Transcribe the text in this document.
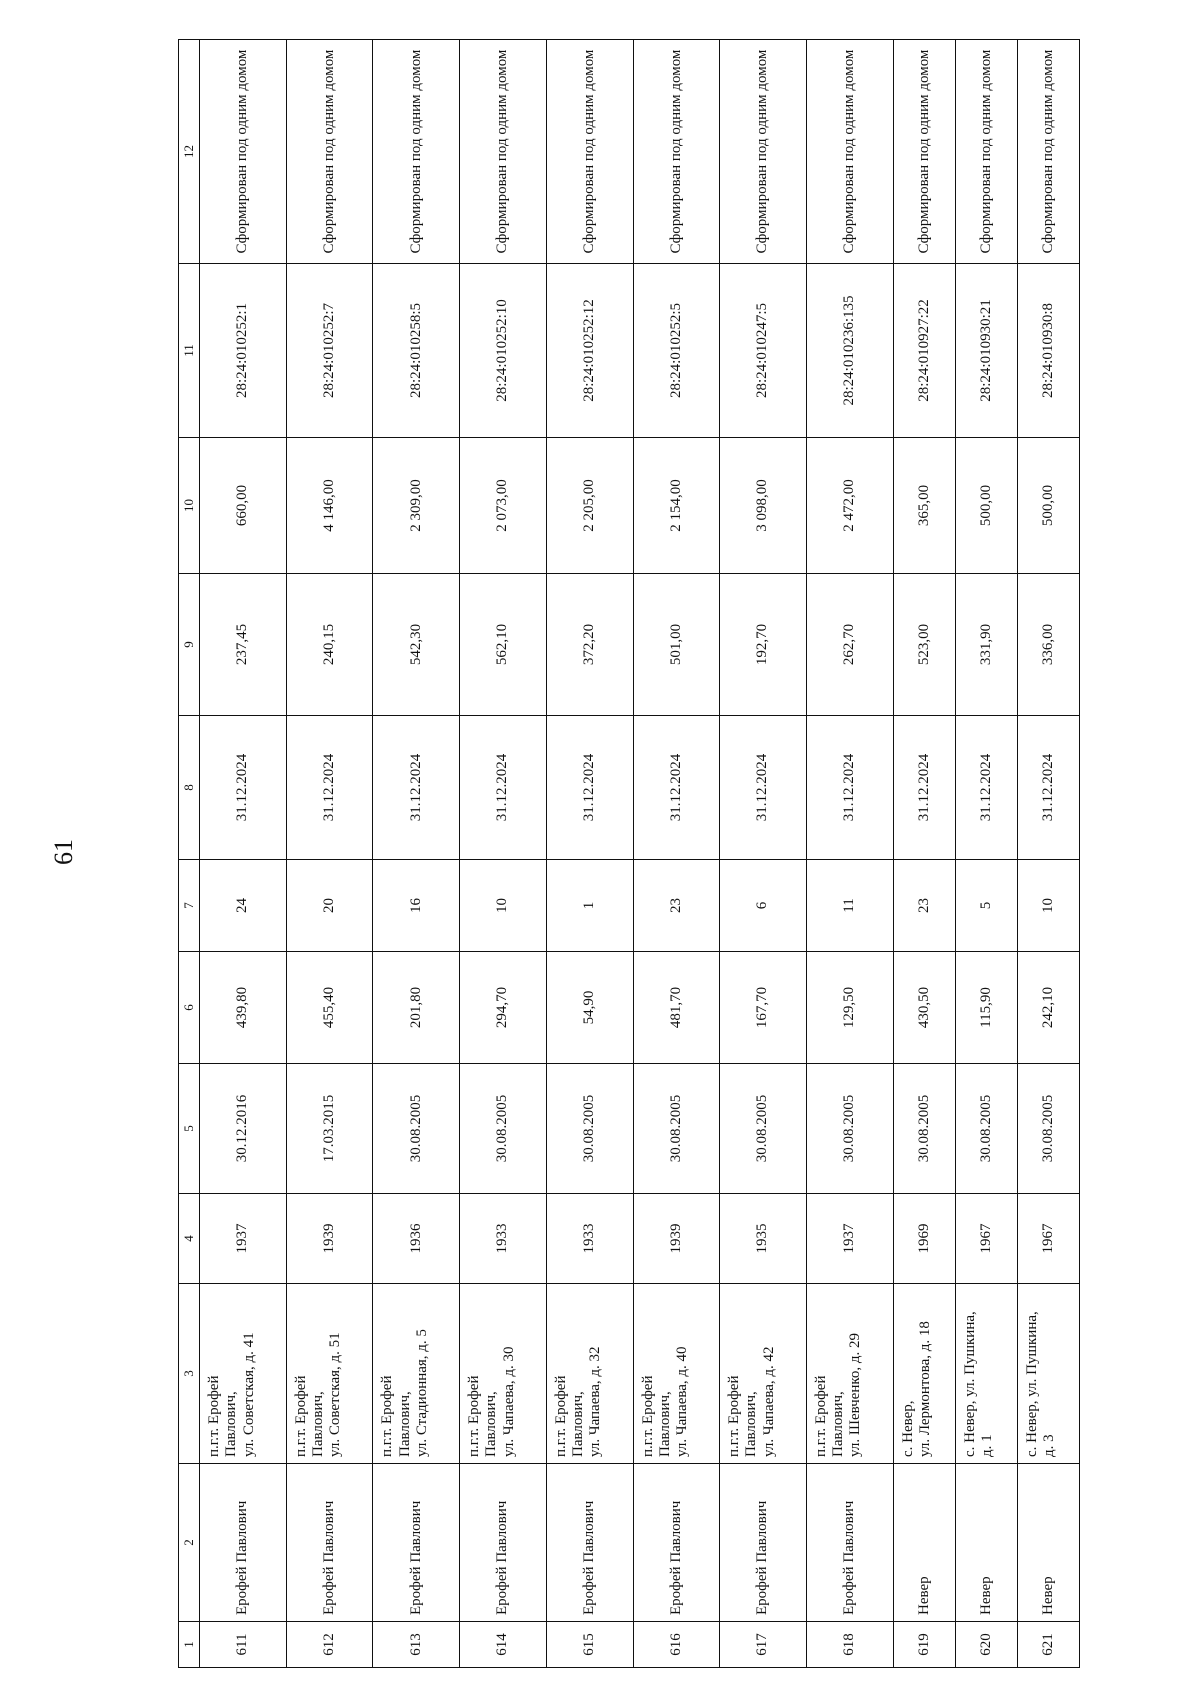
61
1	2	3	4	5	6	7	8	9	10	11	12
611	Ерофей Павлович	п.г.т. Ерофей Павлович, ул. Советская, д. 41	1937	30.12.2016	439,80	24	31.12.2024	237,45	660,00	28:24:010252:1	Сформирован под одним домом
612	Ерофей Павлович	п.г.т. Ерофей Павлович, ул. Советская, д. 51	1939	17.03.2015	455,40	20	31.12.2024	240,15	4 146,00	28:24:010252:7	Сформирован под одним домом
613	Ерофей Павлович	п.г.т. Ерофей Павлович, ул. Стадионная, д. 5	1936	30.08.2005	201,80	16	31.12.2024	542,30	2 309,00	28:24:010258:5	Сформирован под одним домом
614	Ерофей Павлович	п.г.т. Ерофей Павлович, ул. Чапаева, д. 30	1933	30.08.2005	294,70	10	31.12.2024	562,10	2 073,00	28:24:010252:10	Сформирован под одним домом
615	Ерофей Павлович	п.г.т. Ерофей Павлович, ул. Чапаева, д. 32	1933	30.08.2005	54,90	1	31.12.2024	372,20	2 205,00	28:24:010252:12	Сформирован под одним домом
616	Ерофей Павлович	п.г.т. Ерофей Павлович, ул. Чапаева, д. 40	1939	30.08.2005	481,70	23	31.12.2024	501,00	2 154,00	28:24:010252:5	Сформирован под одним домом
617	Ерофей Павлович	п.г.т. Ерофей Павлович, ул. Чапаева, д. 42	1935	30.08.2005	167,70	6	31.12.2024	192,70	3 098,00	28:24:010247:5	Сформирован под одним домом
618	Ерофей Павлович	п.г.т. Ерофей Павлович, ул. Шевченко, д. 29	1937	30.08.2005	129,50	11	31.12.2024	262,70	2 472,00	28:24:010236:135	Сформирован под одним домом
619	Невер	с. Невер, ул. Лермонтова, д. 18	1969	30.08.2005	430,50	23	31.12.2024	523,00	365,00	28:24:010927:22	Сформирован под одним домом
620	Невер	с. Невер, ул. Пушкина, д. 1	1967	30.08.2005	115,90	5	31.12.2024	331,90	500,00	28:24:010930:21	Сформирован под одним домом
621	Невер	с. Невер, ул. Пушкина, д. 3	1967	30.08.2005	242,10	10	31.12.2024	336,00	500,00	28:24:010930:8	Сформирован под одним домом
